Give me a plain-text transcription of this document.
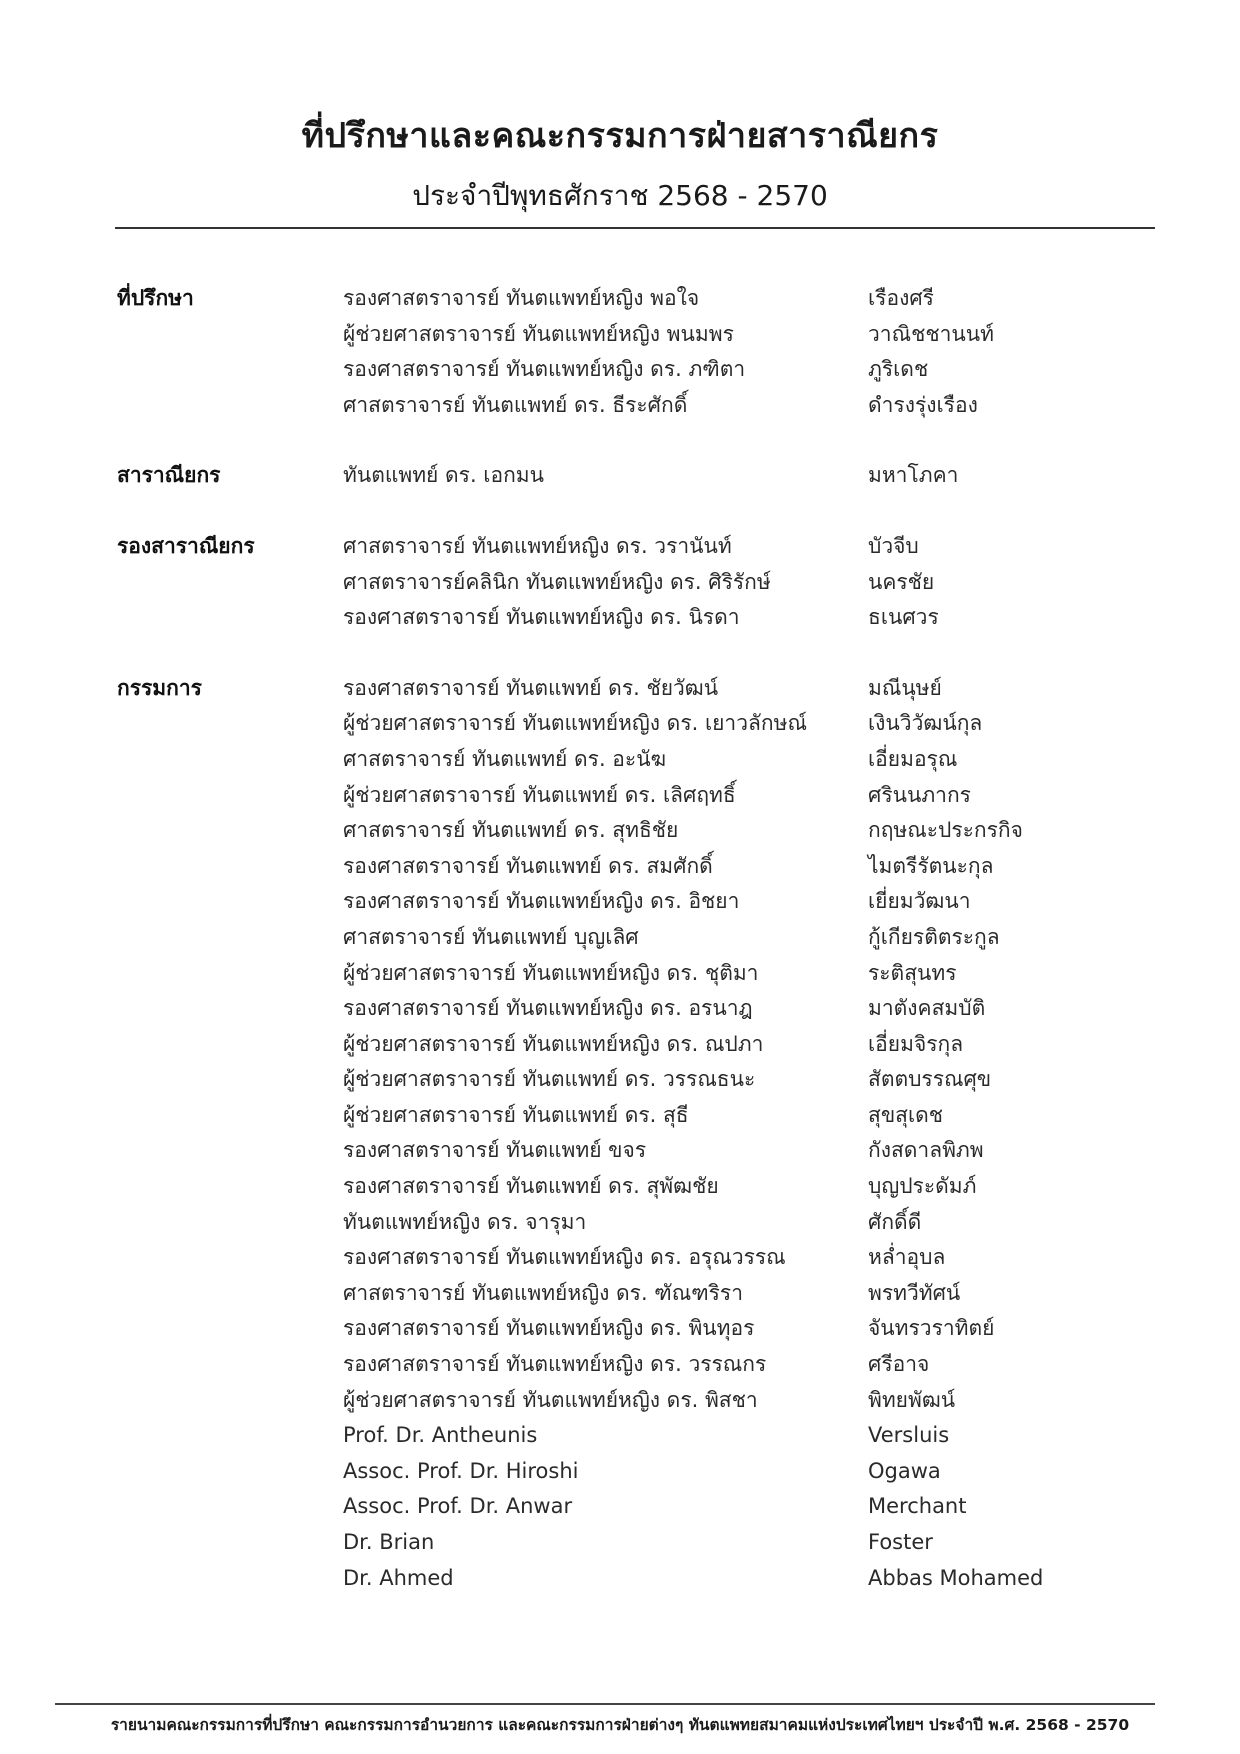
ที่ปรึกษาและคณะกรรมการฝ่ายสาราณียกร
ประจำปีพุทธศักราช 2568 - 2570
ที่ปรึกษา	รองศาสตราจารย์ ทันตแพทย์หญิง พอใจ	เรืองศรี
ผู้ช่วยศาสตราจารย์ ทันตแพทย์หญิง พนมพร	วาณิชชานนท์
รองศาสตราจารย์ ทันตแพทย์หญิง ดร. ภฑิตา	ภูริเดช
ศาสตราจารย์ ทันตแพทย์ ดร. ธีระศักดิ์	ดำรงรุ่งเรือง
สาราณียกร	ทันตแพทย์ ดร. เอกมน	มหาโภคา
รองสาราณียกร	ศาสตราจารย์ ทันตแพทย์หญิง ดร. วรานันท์	บัวจีบ
ศาสตราจารย์คลินิก ทันตแพทย์หญิง ดร. ศิริรักษ์	นครชัย
รองศาสตราจารย์ ทันตแพทย์หญิง ดร. นิรดา	ธเนศวร
กรรมการ	รองศาสตราจารย์ ทันตแพทย์ ดร. ชัยวัฒน์	มณีนุษย์
ผู้ช่วยศาสตราจารย์ ทันตแพทย์หญิง ดร. เยาวลักษณ์	เงินวิวัฒน์กุล
ศาสตราจารย์ ทันตแพทย์ ดร. อะนัฆ	เอี่ยมอรุณ
ผู้ช่วยศาสตราจารย์ ทันตแพทย์ ดร. เลิศฤทธิ์	ศรินนภากร
ศาสตราจารย์ ทันตแพทย์ ดร. สุทธิชัย	กฤษณะประกรกิจ
รองศาสตราจารย์ ทันตแพทย์ ดร. สมศักดิ์	ไมตรีรัตนะกุล
รองศาสตราจารย์ ทันตแพทย์หญิง ดร. อิชยา	เยี่ยมวัฒนา
ศาสตราจารย์ ทันตแพทย์ บุญเลิศ	กู้เกียรติตระกูล
ผู้ช่วยศาสตราจารย์ ทันตแพทย์หญิง ดร. ชุติมา	ระติสุนทร
รองศาสตราจารย์ ทันตแพทย์หญิง ดร. อรนาฎ	มาตังคสมบัติ
ผู้ช่วยศาสตราจารย์ ทันตแพทย์หญิง ดร. ณปภา	เอี่ยมจิรกุล
ผู้ช่วยศาสตราจารย์ ทันตแพทย์ ดร. วรรณธนะ	สัตตบรรณศุข
ผู้ช่วยศาสตราจารย์ ทันตแพทย์ ดร. สุธี	สุขสุเดช
รองศาสตราจารย์ ทันตแพทย์ ขจร	กังสดาลพิภพ
รองศาสตราจารย์ ทันตแพทย์ ดร. สุพัฒชัย	บุญประดัมภ์
ทันตแพทย์หญิง ดร. จารุมา	ศักดิ์ดี
รองศาสตราจารย์ ทันตแพทย์หญิง ดร. อรุณวรรณ	หล่ำอุบล
ศาสตราจารย์ ทันตแพทย์หญิง ดร. ฑัณฑริรา	พรทวีทัศน์
รองศาสตราจารย์ ทันตแพทย์หญิง ดร. พินทุอร	จันทรวราทิตย์
รองศาสตราจารย์ ทันตแพทย์หญิง ดร. วรรณกร	ศรีอาจ
ผู้ช่วยศาสตราจารย์ ทันตแพทย์หญิง ดร. พิสชา	พิทยพัฒน์
Prof. Dr. Antheunis	Versluis
Assoc. Prof. Dr. Hiroshi	Ogawa
Assoc. Prof. Dr. Anwar	Merchant
Dr. Brian	Foster
Dr. Ahmed	Abbas Mohamed
รายนามคณะกรรมการที่ปรึกษา คณะกรรมการอำนวยการ และคณะกรรมการฝ่ายต่างๆ ทันตแพทยสมาคมแห่งประเทศไทยฯ ประจำปี พ.ศ. 2568 - 2570
